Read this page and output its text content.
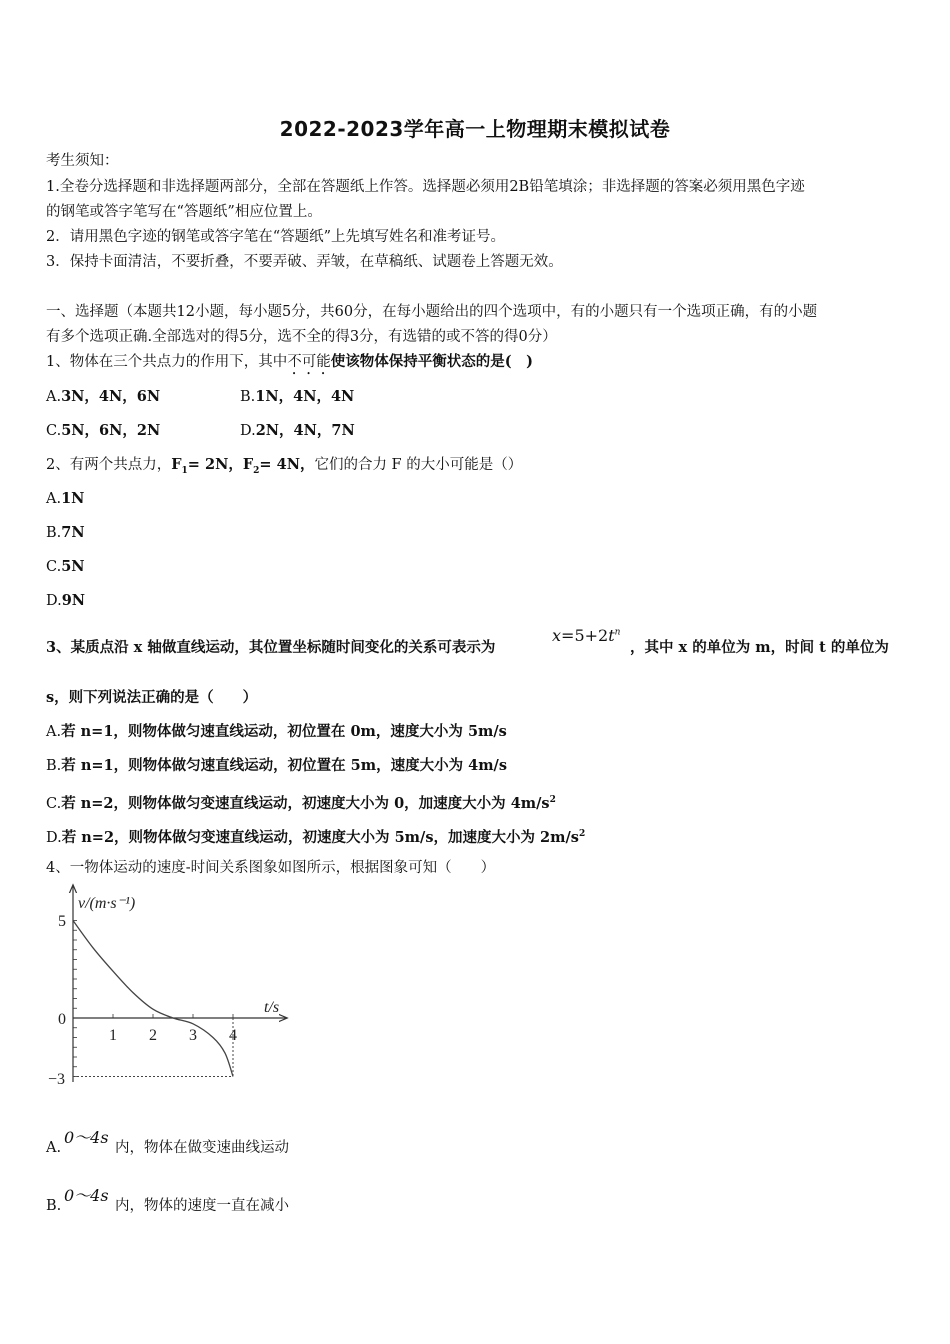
2022-2023学年高一上物理期末模拟试卷
考生须知：
1.全卷分选择题和非选择题两部分，全部在答题纸上作答。选择题必须用2B铅笔填涂；非选择题的答案必须用黑色字迹
的钢笔或答字笔写在“答题纸”相应位置上。
2．请用黑色字迹的钢笔或答字笔在“答题纸”上先填写姓名和准考证号。
3．保持卡面清洁，不要折叠，不要弄破、弄皱，在草稿纸、试题卷上答题无效。
一、选择题（本题共12小题，每小题5分，共60分，在每小题给出的四个选项中，有的小题只有一个选项正确，有的小题
有多个选项正确.全部选对的得5分，选不全的得3分，有选错的或不答的得0分）
1、物体在三个共点力的作用下，其中不可能使该物体保持平衡状态的是(　)
A.3N，4N，6N	B.1N，4N，4N
C.5N，6N，2N	D.2N，4N，7N
2、有两个共点力，$F_1= 2N$，$F_2= 4N$，它们的合力 F 的大小可能是（）
A.1N
B.7N
C.5N
D.9N
3、某质点沿 x 轴做直线运动，其位置坐标随时间变化的关系可表示为
$x=5+2t^n$
，其中 x 的单位为 m，时间 t 的单位为
s，则下列说法正确的是（　　）
A.若 n=1，则物体做匀速直线运动，初位置在 0m，速度大小为 5m/s
B.若 n=1，则物体做匀速直线运动，初位置在 5m，速度大小为 4m/s
C.若 n=2，则物体做匀变速直线运动，初速度大小为 0，加速度大小为 $4m/s^2$
D.若 n=2，则物体做匀变速直线运动，初速度大小为 5m/s，加速度大小为 $2m/s^2$
4、一物体运动的速度-时间关系图象如图所示，根据图象可知（　　）
v/(m·s⁻¹)
t/s
5
0
−3
1 2 3 4
A.
0～4s
内，物体在做变速曲线运动
B.
0～4s
内，物体的速度一直在减小
